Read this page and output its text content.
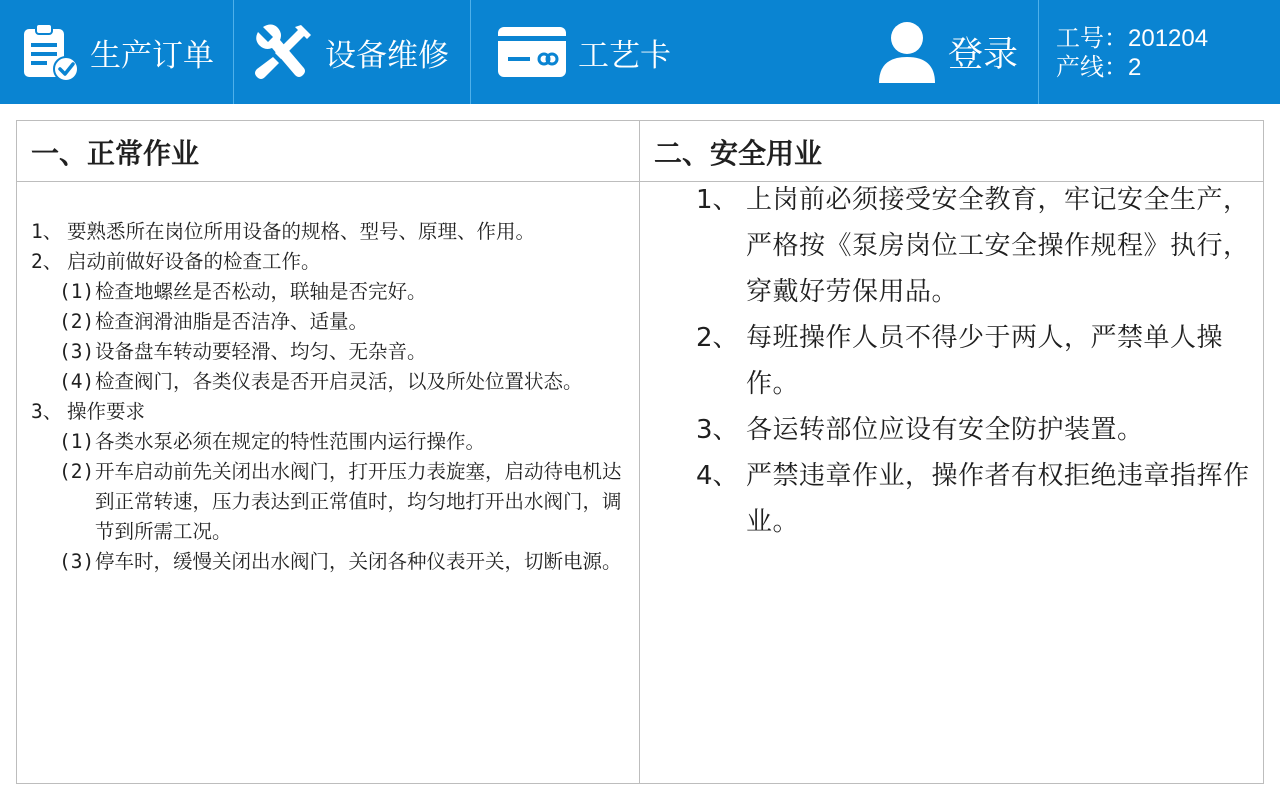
生产订单	设备维修	工艺卡	登录 工号：201204
产线：2
一、正常作业
1、 要熟悉所在岗位所用设备的规格、型号、原理、作用。
2、 启动前做好设备的检查工作。
(1) 检查地螺丝是否松动，联轴是否完好。
(2) 检查润滑油脂是否洁净、适量。
(3) 设备盘车转动要轻滑、均匀、无杂音。
(4) 检查阀门，各类仪表是否开启灵活，以及所处位置状态。
3、 操作要求
(1) 各类水泵必须在规定的特性范围内运行操作。
(2) 开车启动前先关闭出水阀门，打开压力表旋塞，启动待电机达到正常转速，压力表达到正常值时，均匀地打开出水阀门，调节到所需工况。
(3) 停车时，缓慢关闭出水阀门，关闭各种仪表开关，切断电源。
二、安全用业
1、 上岗前必须接受安全教育，牢记安全生产，严格按《泵房岗位工安全操作规程》执行，穿戴好劳保用品。
2、 每班操作人员不得少于两人，严禁单人操作。
3、 各运转部位应设有安全防护装置。
4、 严禁违章作业，操作者有权拒绝违章指挥作业。
